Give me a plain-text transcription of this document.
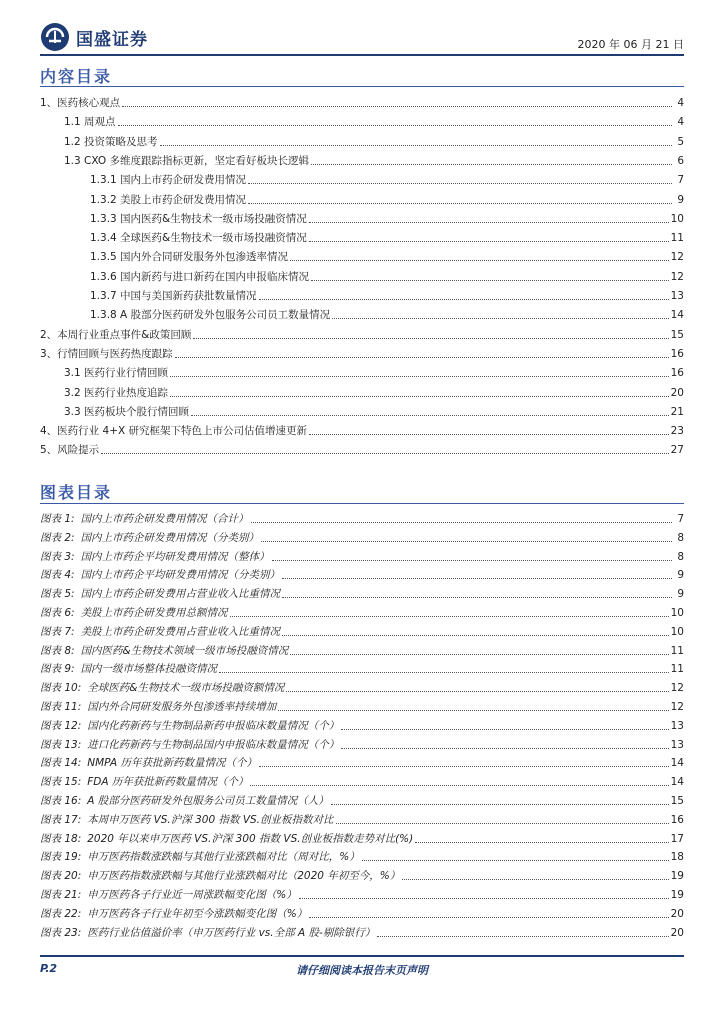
国盛证券	2020 年 06 月 21 日
内容目录
1、医药核心观点	4
1.1 周观点	4
1.2 投资策略及思考	5
1.3 CXO 多维度跟踪指标更新，坚定看好板块长逻辑	6
1.3.1 国内上市药企研发费用情况	7
1.3.2 美股上市药企研发费用情况	9
1.3.3 国内医药&生物技术一级市场投融资情况	10
1.3.4 全球医药&生物技术一级市场投融资情况	11
1.3.5 国内外合同研发服务外包渗透率情况	12
1.3.6 国内新药与进口新药在国内申报临床情况	12
1.3.7 中国与美国新药获批数量情况	13
1.3.8 A 股部分医药研发外包服务公司员工数量情况	14
2、本周行业重点事件&政策回顾	15
3、行情回顾与医药热度跟踪	16
3.1 医药行业行情回顾	16
3.2 医药行业热度追踪	20
3.3 医药板块个股行情回顾	21
4、医药行业 4+X 研究框架下特色上市公司估值增速更新	23
5、风险提示	27
图表目录
图表 1: 国内上市药企研发费用情况（合计）	7
图表 2: 国内上市药企研发费用情况（分类别）	8
图表 3: 国内上市药企平均研发费用情况（整体）	8
图表 4: 国内上市药企平均研发费用情况（分类别）	9
图表 5: 国内上市药企研发费用占营业收入比重情况	9
图表 6: 美股上市药企研发费用总额情况	10
图表 7: 美股上市药企研发费用占营业收入比重情况	10
图表 8: 国内医药&生物技术领域一级市场投融资情况	11
图表 9: 国内一级市场整体投融资情况	11
图表 10: 全球医药&生物技术一级市场投融资额情况	12
图表 11: 国内外合同研发服务外包渗透率持续增加	12
图表 12: 国内化药新药与生物制品新药申报临床数量情况（个）	13
图表 13: 进口化药新药与生物制品国内申报临床数量情况（个）	13
图表 14: NMPA 历年获批新药数量情况（个）	14
图表 15: FDA 历年获批新药数量情况（个）	14
图表 16: A 股部分医药研发外包服务公司员工数量情况（人）	15
图表 17: 本周申万医药 VS.沪深 300 指数 VS.创业板指数对比	16
图表 18: 2020 年以来申万医药 VS.沪深 300 指数 VS.创业板指数走势对比(%)	17
图表 19: 申万医药指数涨跌幅与其他行业涨跌幅对比（周对比，%）	18
图表 20: 申万医药指数涨跌幅与其他行业涨跌幅对比（2020 年初至今，%）	19
图表 21: 申万医药各子行业近一周涨跌幅变化图（%）	19
图表 22: 申万医药各子行业年初至今涨跌幅变化图（%）	20
图表 23: 医药行业估值溢价率（申万医药行业 vs.全部 A 股-剔除银行）	20
P.2	请仔细阅读本报告末页声明
